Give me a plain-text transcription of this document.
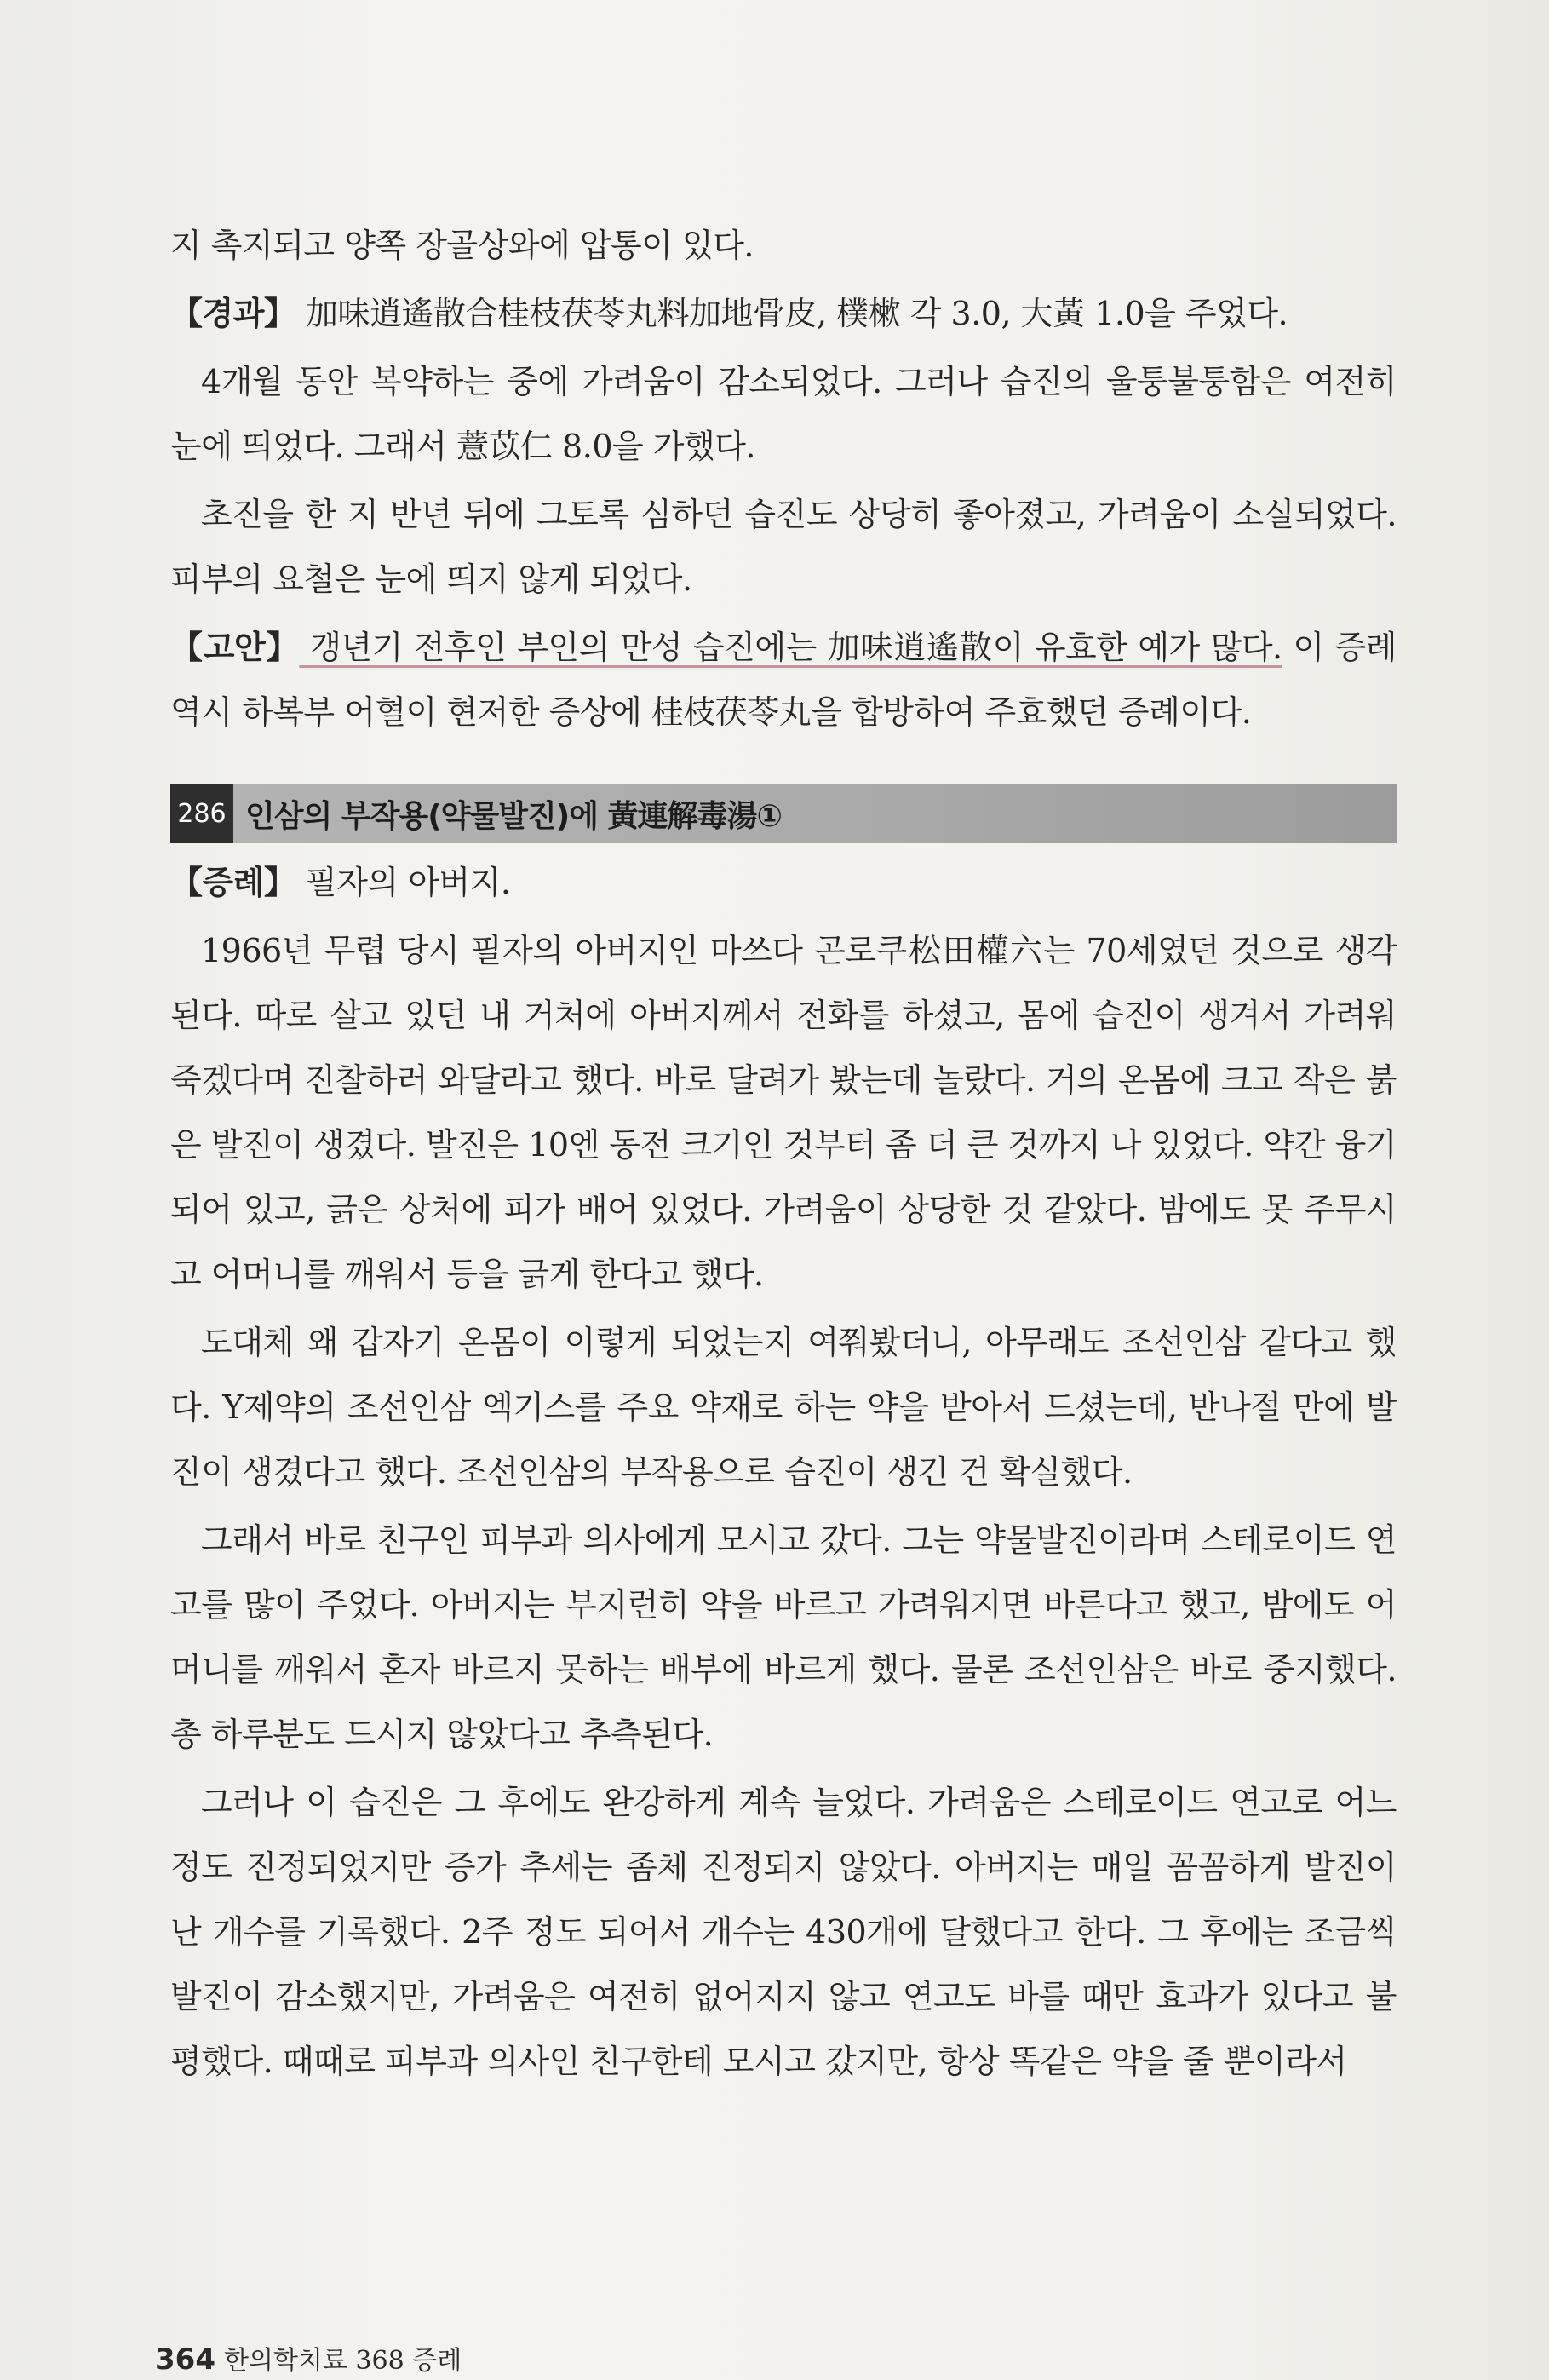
지 촉지되고 양쪽 장골상와에 압통이 있다.

【경과】 加味逍遙散合桂枝茯苓丸料加地骨皮, 樸樕 각 3.0, 大黃 1.0을 주었다.

4개월 동안 복약하는 중에 가려움이 감소되었다. 그러나 습진의 울퉁불퉁함은 여전히 눈에 띄었다. 그래서 薏苡仁 8.0을 가했다.

초진을 한 지 반년 뒤에 그토록 심하던 습진도 상당히 좋아졌고, 가려움이 소실되었다. 피부의 요철은 눈에 띄지 않게 되었다.

【고안】 갱년기 전후인 부인의 만성 습진에는 加味逍遙散이 유효한 예가 많다. 이 증례 역시 하복부 어혈이 현저한 증상에 桂枝茯苓丸을 합방하여 주효했던 증례이다.

286 인삼의 부작용(약물발진)에 黃連解毒湯①

【증례】 필자의 아버지.

1966년 무렵 당시 필자의 아버지인 마쓰다 곤로쿠松田權六는 70세였던 것으로 생각된다. 따로 살고 있던 내 거처에 아버지께서 전화를 하셨고, 몸에 습진이 생겨서 가려워 죽겠다며 진찰하러 와달라고 했다. 바로 달려가 봤는데 놀랐다. 거의 온몸에 크고 작은 붉은 발진이 생겼다. 발진은 10엔 동전 크기인 것부터 좀 더 큰 것까지 나 있었다. 약간 융기되어 있고, 긁은 상처에 피가 배어 있었다. 가려움이 상당한 것 같았다. 밤에도 못 주무시고 어머니를 깨워서 등을 긁게 한다고 했다.

도대체 왜 갑자기 온몸이 이렇게 되었는지 여쭤봤더니, 아무래도 조선인삼 같다고 했다. Y제약의 조선인삼 엑기스를 주요 약재로 하는 약을 받아서 드셨는데, 반나절 만에 발진이 생겼다고 했다. 조선인삼의 부작용으로 습진이 생긴 건 확실했다.

그래서 바로 친구인 피부과 의사에게 모시고 갔다. 그는 약물발진이라며 스테로이드 연고를 많이 주었다. 아버지는 부지런히 약을 바르고 가려워지면 바른다고 했고, 밤에도 어머니를 깨워서 혼자 바르지 못하는 배부에 바르게 했다. 물론 조선인삼은 바로 중지했다. 총 하루분도 드시지 않았다고 추측된다.

그러나 이 습진은 그 후에도 완강하게 계속 늘었다. 가려움은 스테로이드 연고로 어느 정도 진정되었지만 증가 추세는 좀체 진정되지 않았다. 아버지는 매일 꼼꼼하게 발진이 난 개수를 기록했다. 2주 정도 되어서 개수는 430개에 달했다고 한다. 그 후에는 조금씩 발진이 감소했지만, 가려움은 여전히 없어지지 않고 연고도 바를 때만 효과가 있다고 불평했다. 때때로 피부과 의사인 친구한테 모시고 갔지만, 항상 똑같은 약을 줄 뿐이라서

364 한의학치료 368 증례
